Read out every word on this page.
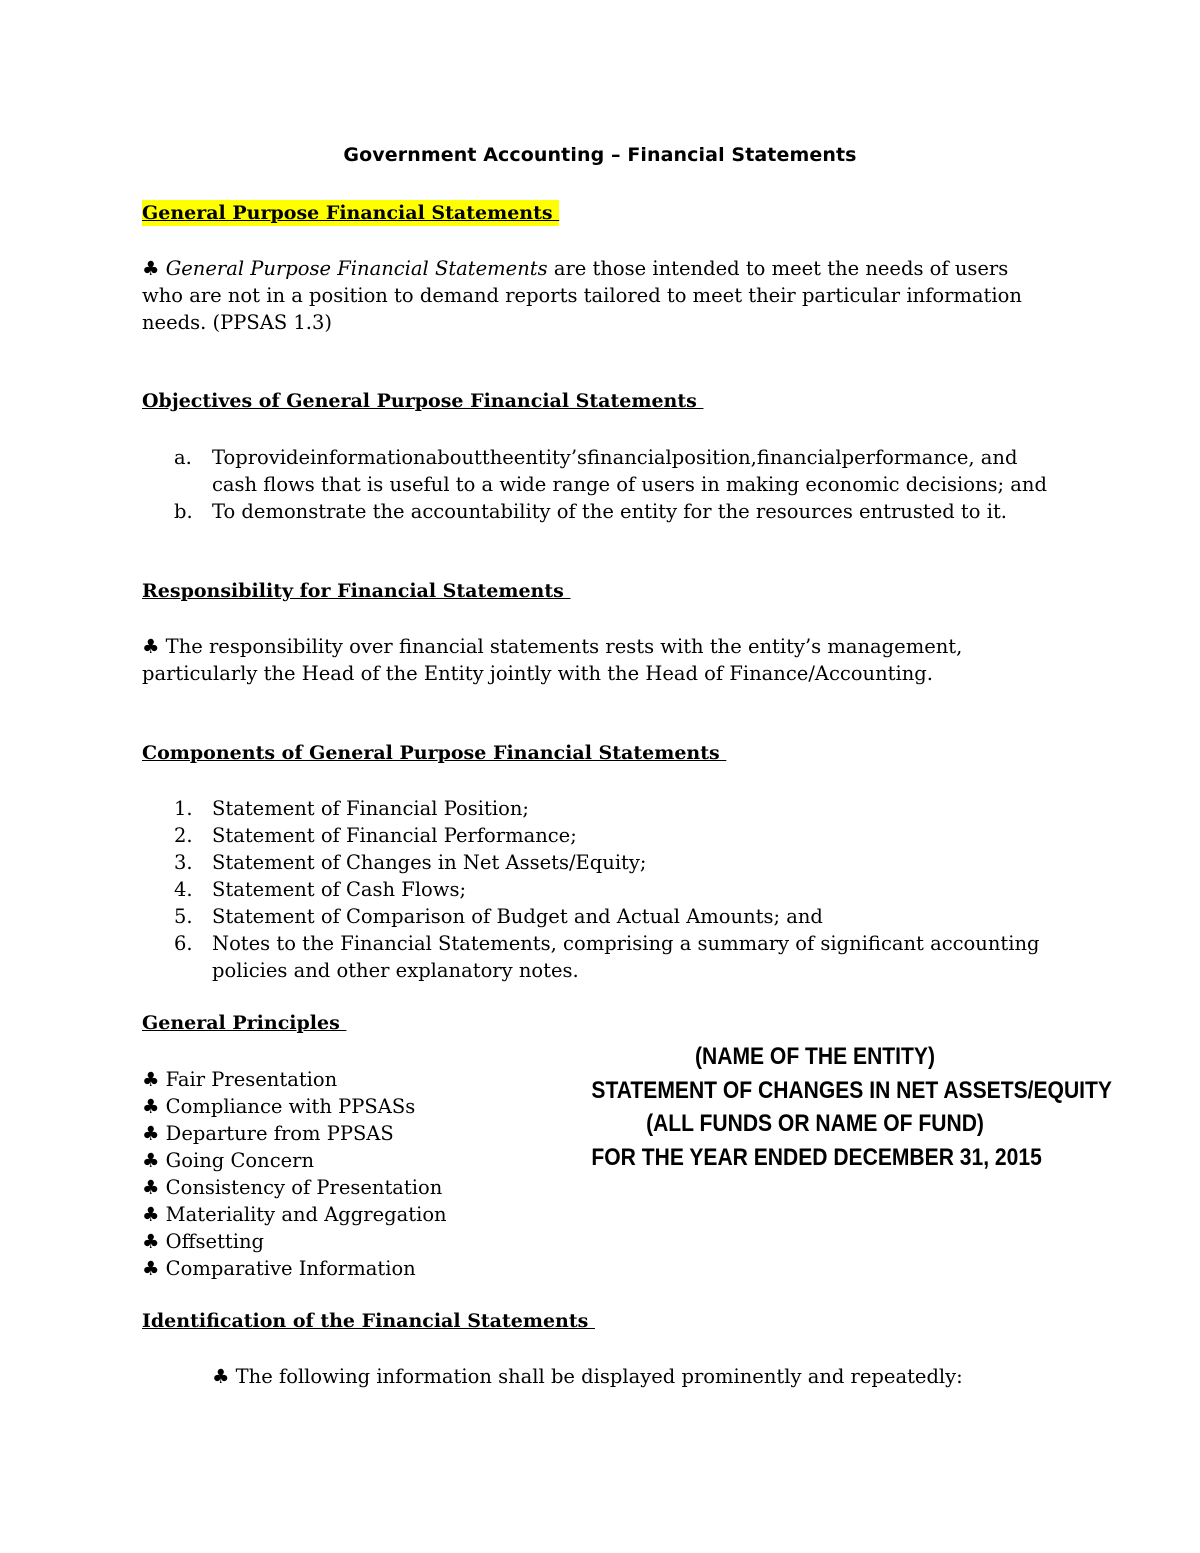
Government Accounting – Financial Statements
General Purpose Financial Statements
♣ General Purpose Financial Statements are those intended to meet the needs of users who are not in a position to demand reports tailored to meet their particular information needs. (PPSAS 1.3)
Objectives of General Purpose Financial Statements
a. Toprovideinformationabouttheentity’sfinancialposition,financialperformance, and cash flows that is useful to a wide range of users in making economic decisions; and
b. To demonstrate the accountability of the entity for the resources entrusted to it.
Responsibility for Financial Statements
♣ The responsibility over financial statements rests with the entity’s management, particularly the Head of the Entity jointly with the Head of Finance/Accounting.
Components of General Purpose Financial Statements
1. Statement of Financial Position;
2. Statement of Financial Performance;
3. Statement of Changes in Net Assets/Equity;
4. Statement of Cash Flows;
5. Statement of Comparison of Budget and Actual Amounts; and
6. Notes to the Financial Statements, comprising a summary of significant accounting policies and other explanatory notes.
General Principles
♣ Fair Presentation
♣ Compliance with PPSASs
♣ Departure from PPSAS
♣ Going Concern
♣ Consistency of Presentation
♣ Materiality and Aggregation
♣ Offsetting
♣ Comparative Information
(NAME OF THE ENTITY)
STATEMENT OF CHANGES IN NET ASSETS/EQUITY
(ALL FUNDS OR NAME OF FUND)
FOR THE YEAR ENDED DECEMBER 31, 2015
Identification of the Financial Statements
♣ The following information shall be displayed prominently and repeatedly:
